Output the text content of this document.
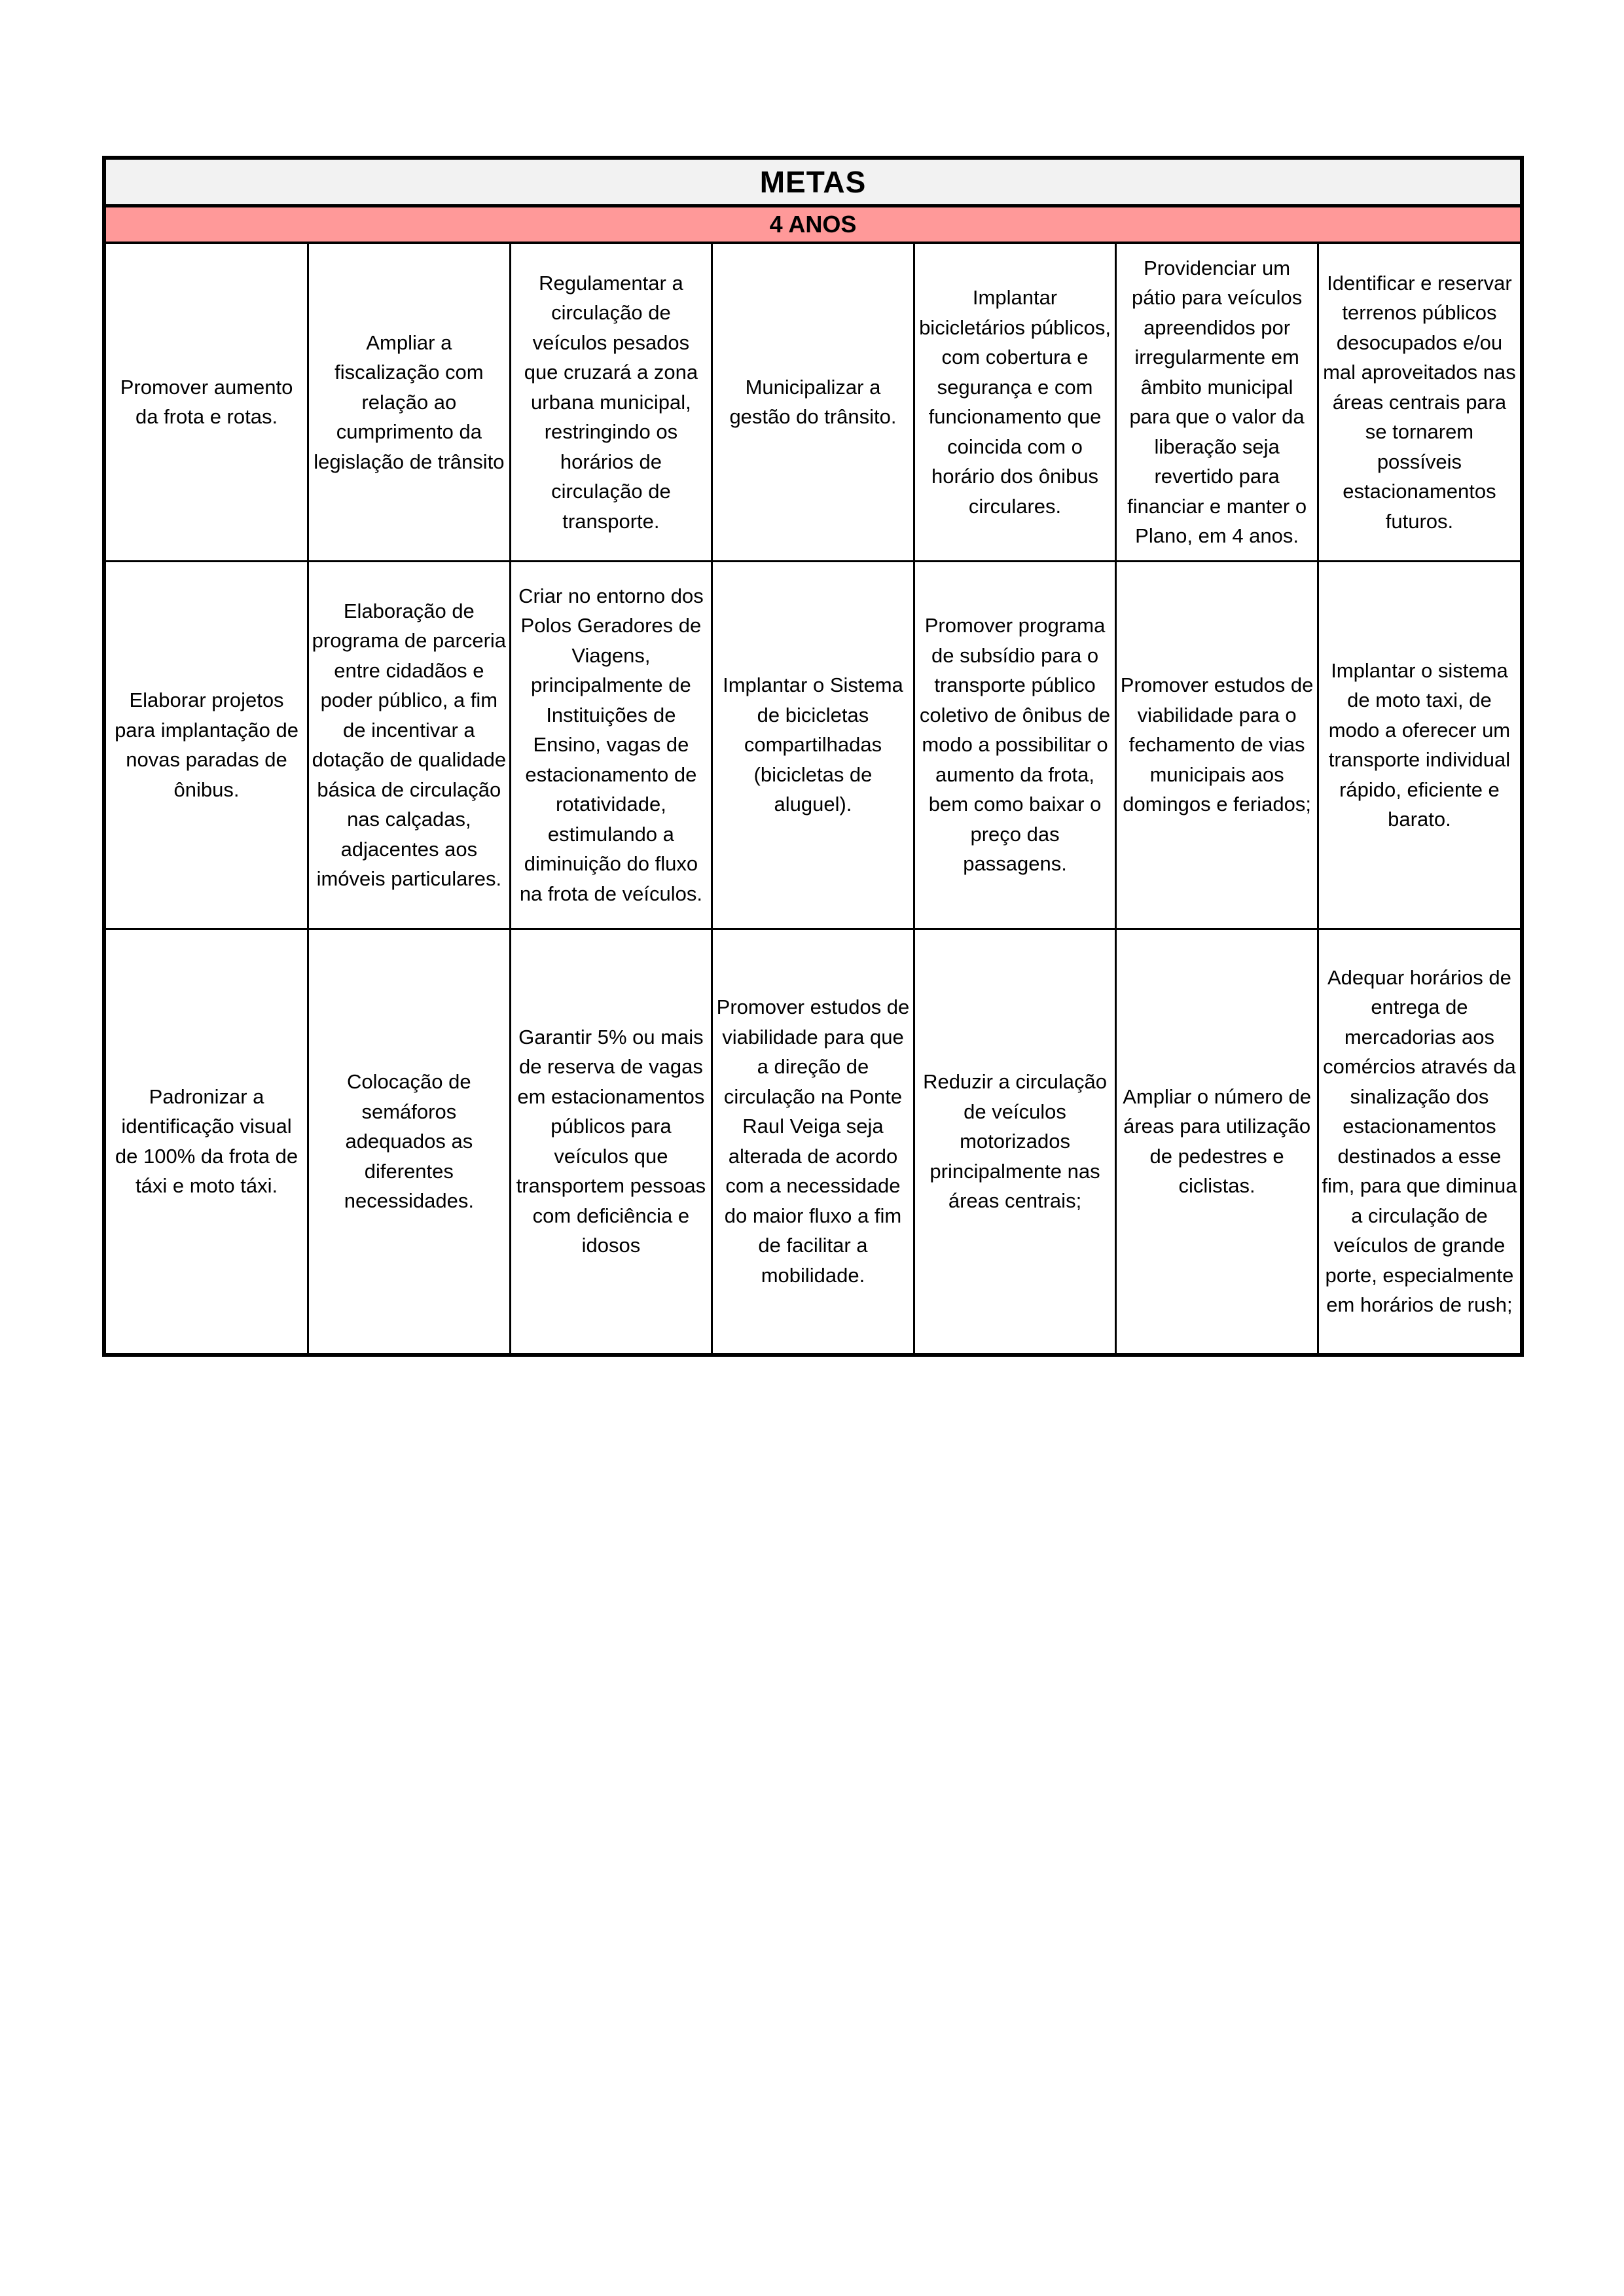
METAS
4 ANOS
Promover aumento da frota e rotas.	Ampliar a fiscalização com relação ao cumprimento da legislação de trânsito	Regulamentar a circulação de veículos pesados que cruzará a zona urbana municipal, restringindo os horários de circulação de transporte.	Municipalizar a gestão do trânsito.	Implantar bicicletários públicos, com cobertura e segurança e com funcionamento que coincida com o horário dos ônibus circulares.	Providenciar um pátio para veículos apreendidos por irregularmente em âmbito municipal para que o valor da liberação seja revertido para financiar e manter o Plano, em 4 anos.	Identificar e reservar terrenos públicos desocupados e/ou mal aproveitados nas áreas centrais para se tornarem possíveis estacionamentos futuros.
Elaborar projetos para implantação de novas paradas de ônibus.	Elaboração de programa de parceria entre cidadãos e poder público, a fim de incentivar a dotação de qualidade básica de circulação nas calçadas, adjacentes aos imóveis particulares.	Criar no entorno dos Polos Geradores de Viagens, principalmente de Instituições de Ensino, vagas de estacionamento de rotatividade, estimulando a diminuição do fluxo na frota de veículos.	Implantar o Sistema de bicicletas compartilhadas (bicicletas de aluguel).	Promover programa de subsídio para o transporte público coletivo de ônibus de modo a possibilitar o aumento da frota, bem como baixar o preço das passagens.	Promover estudos de viabilidade para o fechamento de vias municipais aos domingos e feriados;	Implantar o sistema de moto taxi, de modo a oferecer um transporte individual rápido, eficiente e barato.
Padronizar a identificação visual de 100% da frota de táxi e moto táxi.	Colocação de semáforos adequados as diferentes necessidades.	Garantir 5% ou mais de reserva de vagas em estacionamentos públicos para veículos que transportem pessoas com deficiência e idosos	Promover estudos de viabilidade para que a direção de circulação na Ponte Raul Veiga seja alterada de acordo com a necessidade do maior fluxo a fim de facilitar a mobilidade.	Reduzir a circulação de veículos motorizados principalmente nas áreas centrais;	Ampliar o número de áreas para utilização de pedestres e ciclistas.	Adequar horários de entrega de mercadorias aos comércios através da sinalização dos estacionamentos destinados a esse fim, para que diminua a circulação de veículos de grande porte, especialmente em horários de rush;
